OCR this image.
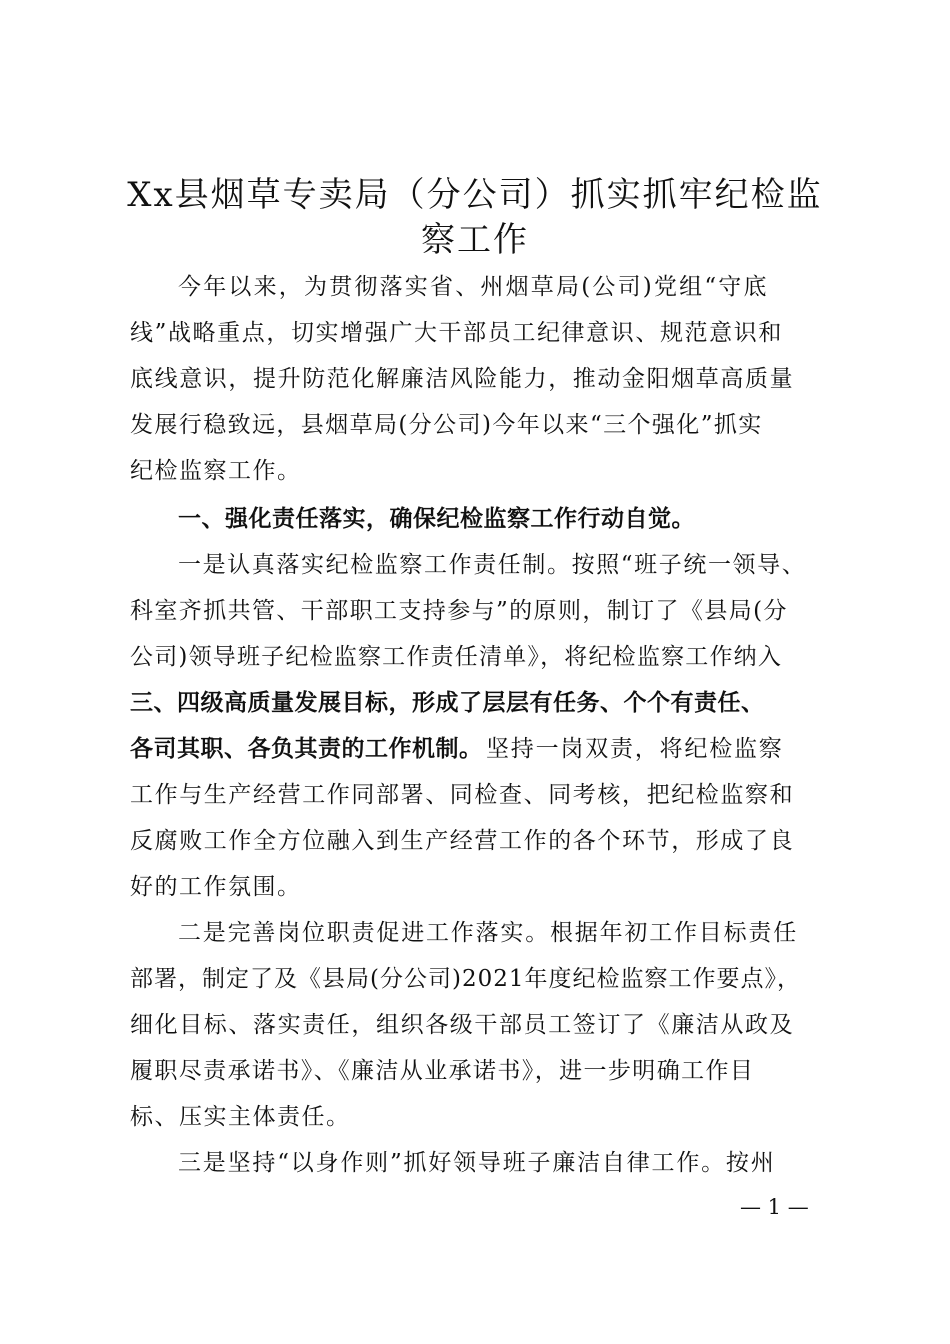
Xx县烟草专卖局（分公司）抓实抓牢纪检监
察工作
今年以来，为贯彻落实省、州烟草局(公司)党组“守底
线”战略重点，切实增强广大干部员工纪律意识、规范意识和
底线意识，提升防范化解廉洁风险能力，推动金阳烟草高质量
发展行稳致远，县烟草局(分公司)今年以来“三个强化”抓实
纪检监察工作。
一、强化责任落实，确保纪检监察工作行动自觉。
一是认真落实纪检监察工作责任制。按照“班子统一领导、
科室齐抓共管、干部职工支持参与”的原则，制订了《县局(分
公司)领导班子纪检监察工作责任清单》，将纪检监察工作纳入
三、四级高质量发展目标，形成了层层有任务、个个有责任、
各司其职、各负其责的工作机制。 坚持一岗双责，将纪检监察
工作与生产经营工作同部署、同检查、同考核，把纪检监察和
反腐败工作全方位融入到生产经营工作的各个环节，形成了良
好的工作氛围。
二是完善岗位职责促进工作落实。根据年初工作目标责任
部署，制定了及《县局(分公司)2021年度纪检监察工作要点》，
细化目标、落实责任，组织各级干部员工签订了《廉洁从政及
履职尽责承诺书》、《廉洁从业承诺书》，进一步明确工作目
标、压实主体责任。
三是坚持“以身作则”抓好领导班子廉洁自律工作。按州
— 1 —
